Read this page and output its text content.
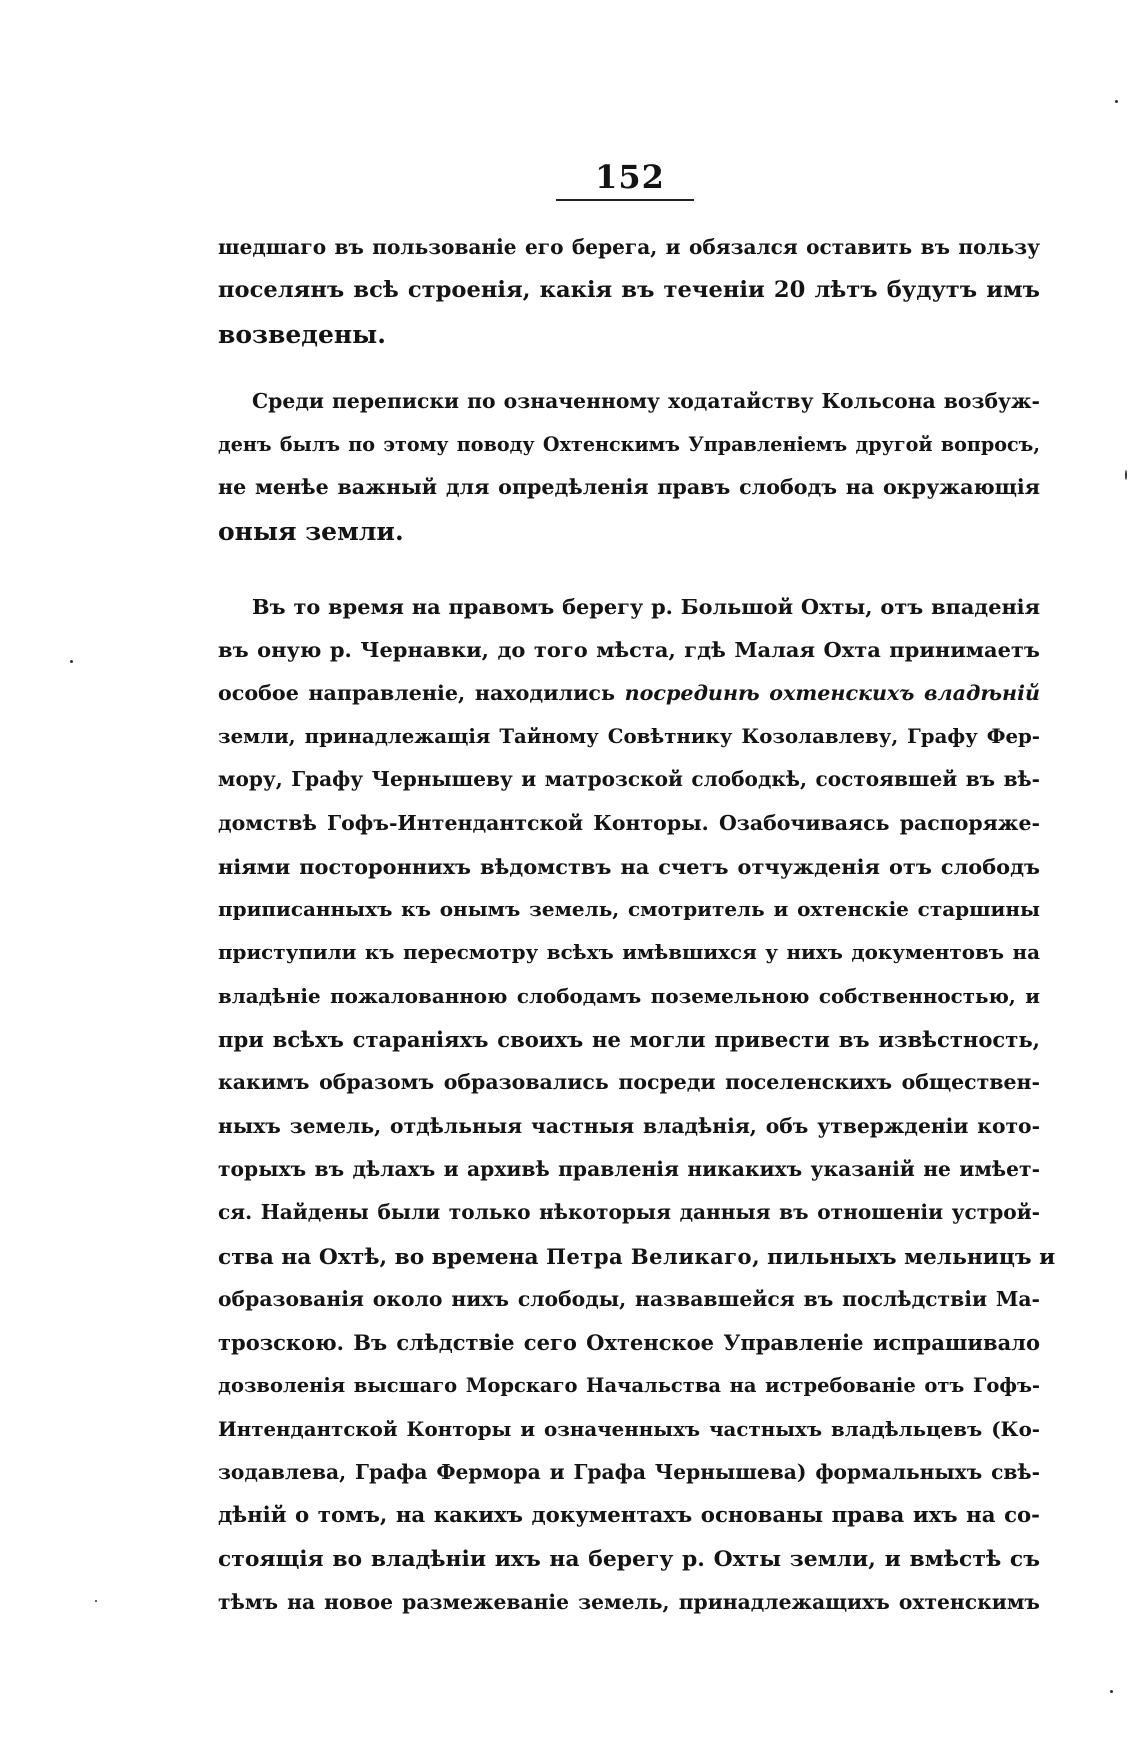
152
шедшаго въ пользованіе его берега, и обязался оставить въ пользу
поселянъ всѣ строенія, какія въ теченіи 20 лѣтъ будутъ имъ
возведены.
Среди переписки по означенному ходатайству Кольсона возбуж-
денъ былъ по этому поводу Охтенскимъ Управленіемъ другой вопросъ,
не менѣе важный для опредѣленія правъ слободъ на окружающія
оныя земли.
Въ то время на правомъ берегу р. Большой Охты, отъ впаденія
въ оную р. Чернавки, до того мѣста, гдѣ Малая Охта принимаетъ
особое направленіе, находились посрединѣ охтенскихъ владѣній
земли, принадлежащія Тайному Совѣтнику Козолавлеву, Графу Фер-
мору, Графу Чернышеву и матрозской слободкѣ, состоявшей въ вѣ-
домствѣ Гофъ-Интендантской Конторы. Озабочиваясь распоряже-
ніями постороннихъ вѣдомствъ на счетъ отчужденія отъ слободъ
приписанныхъ къ онымъ земель, смотритель и охтенскіе старшины
приступили къ пересмотру всѣхъ имѣвшихся у нихъ документовъ на
владѣніе пожалованною слободамъ поземельною собственностью, и
при всѣхъ стараніяхъ своихъ не могли привести въ извѣстность,
какимъ образомъ образовались посреди поселенскихъ обществен-
ныхъ земель, отдѣльныя частныя владѣнія, объ утвержденіи кото-
торыхъ въ дѣлахъ и архивѣ правленія никакихъ указаній не имѣет-
ся. Найдены были только нѣкоторыя данныя въ отношеніи устрой-
ства на Охтѣ, во времена Петра Великаго, пильныхъ мельницъ и
образованія около нихъ слободы, назвавшейся въ послѣдствіи Ма-
трозскою. Въ слѣдствіе сего Охтенское Управленіе испрашивало
дозволенія высшаго Морскаго Начальства на истребованіе отъ Гофъ-
Интендантской Конторы и означенныхъ частныхъ владѣльцевъ (Ко-
зодавлева, Графа Фермора и Графа Чернышева) формальныхъ свѣ-
дѣній о томъ, на какихъ документахъ основаны права ихъ на со-
стоящія во владѣніи ихъ на берегу р. Охты земли, и вмѣстѣ съ
тѣмъ на новое размежеваніе земель, принадлежащихъ охтенскимъ
